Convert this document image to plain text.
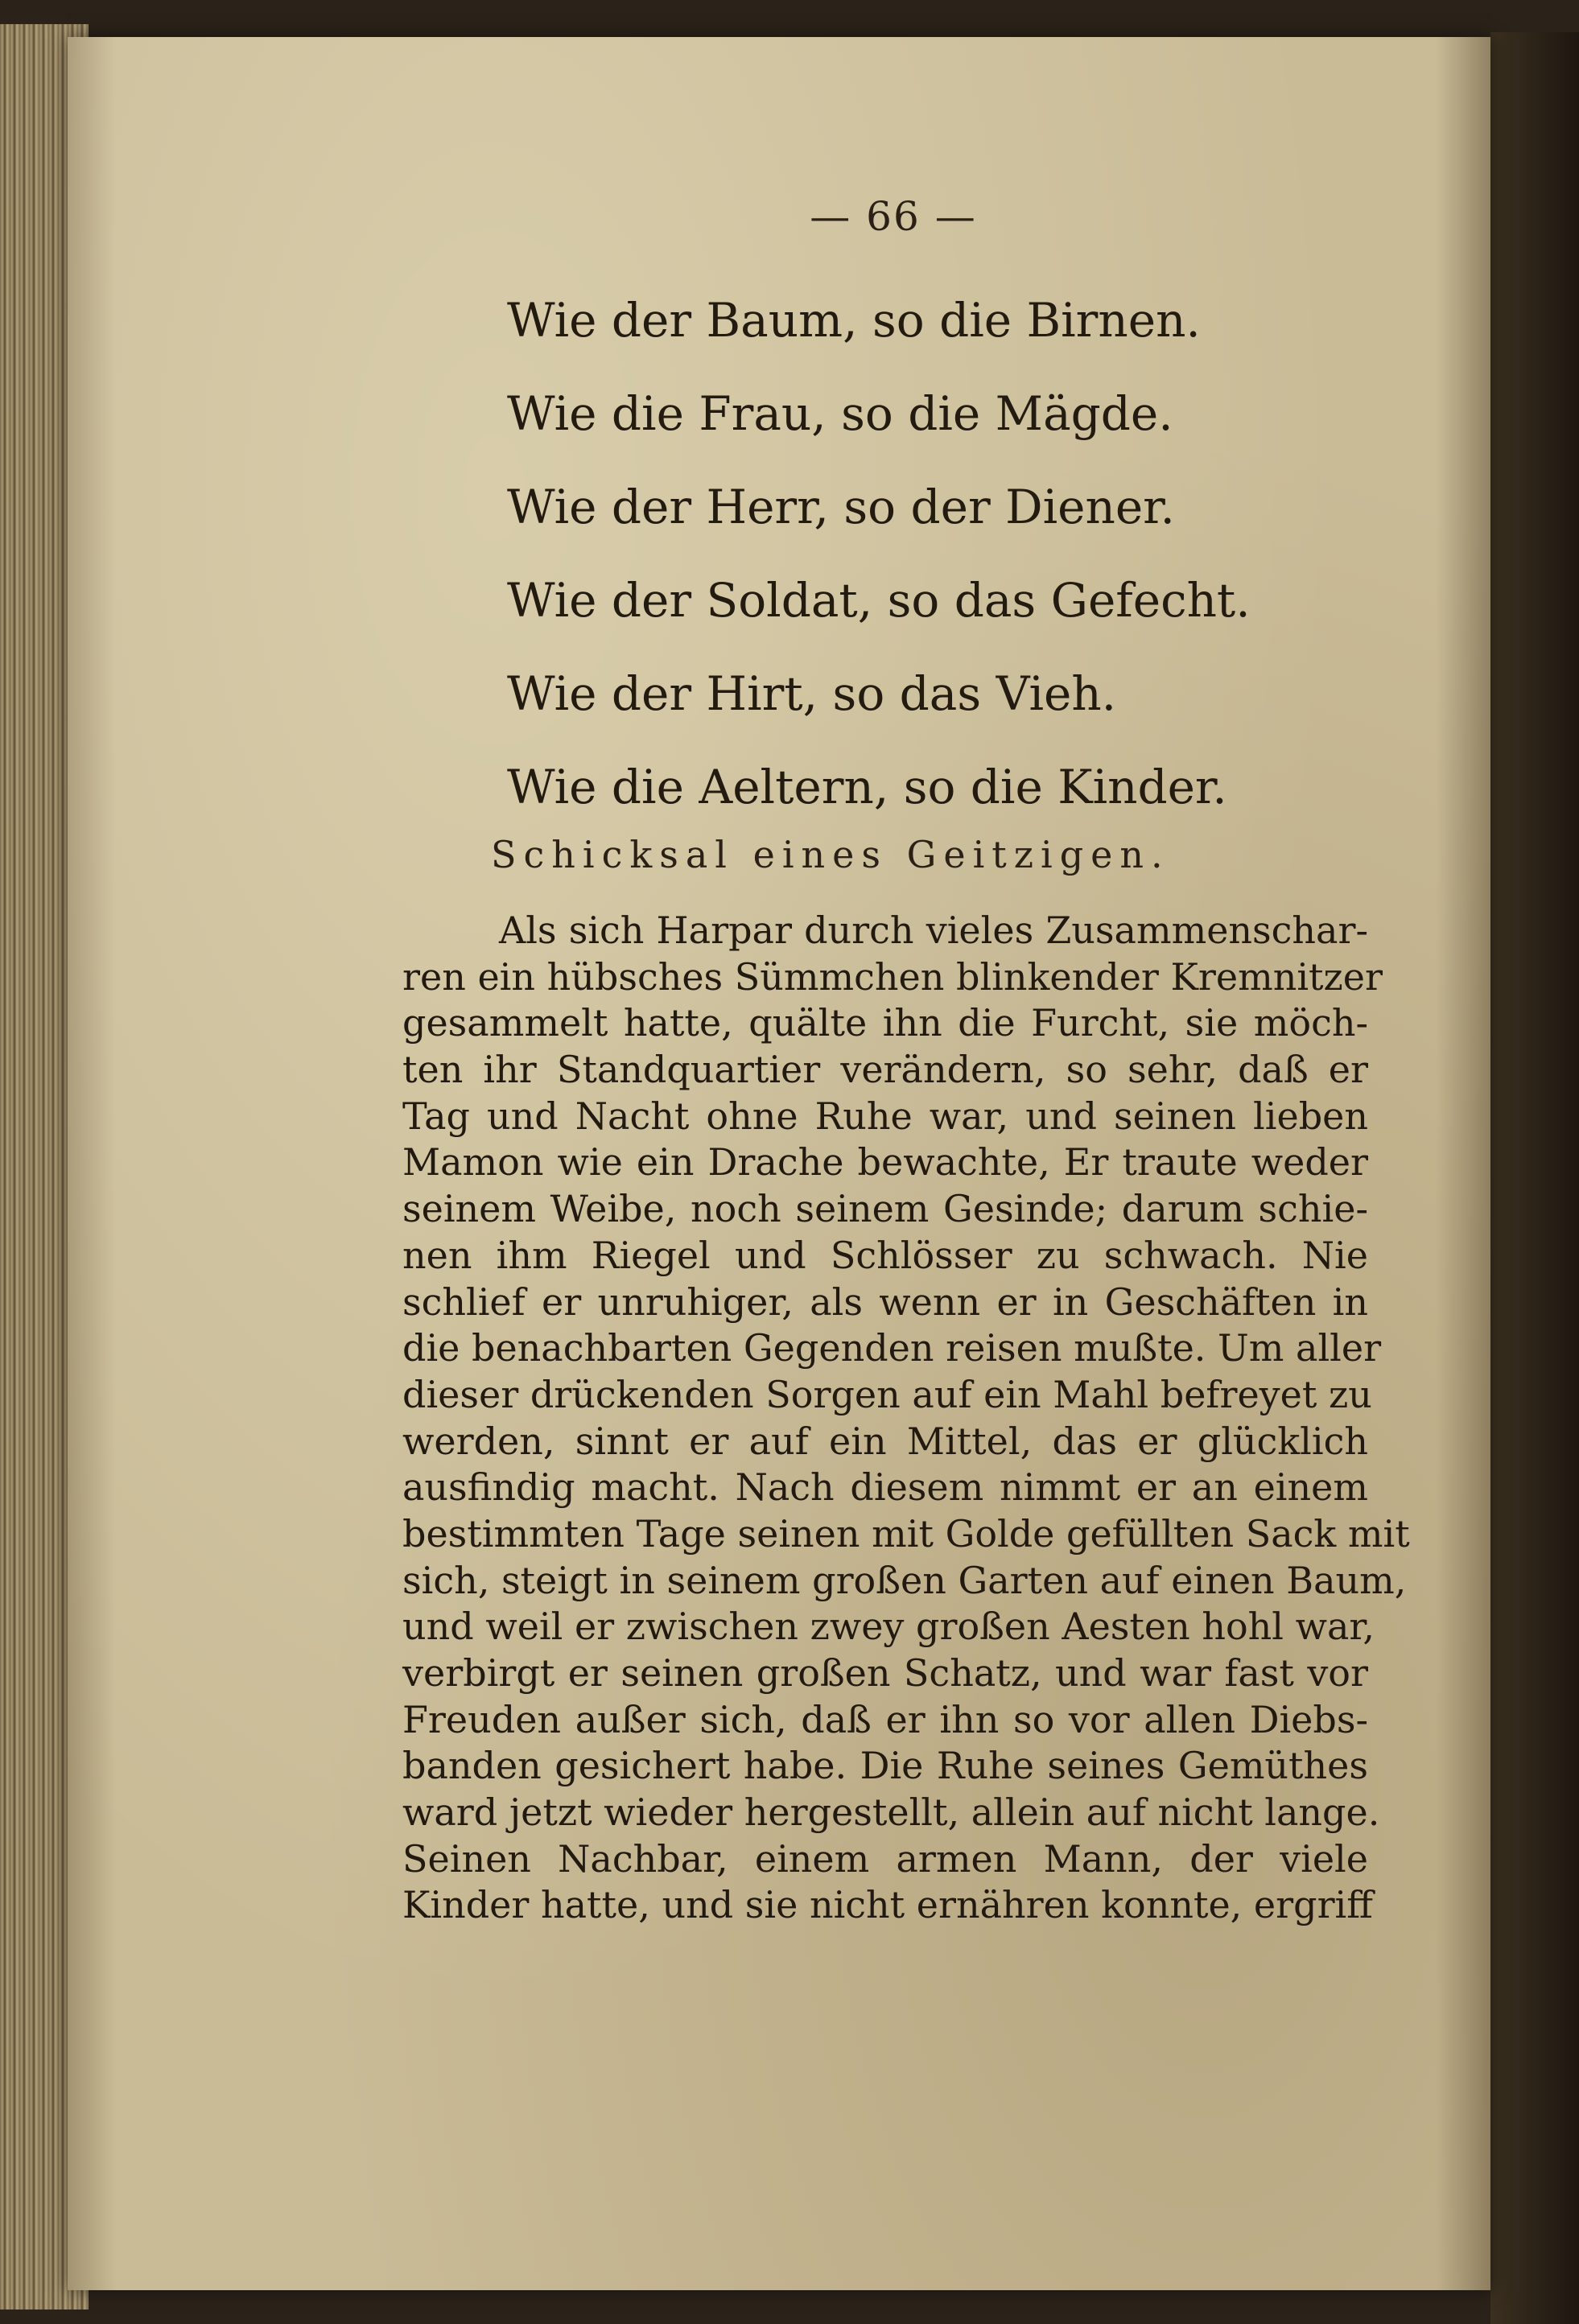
— 66 —
Wie der Baum, so die Birnen.
Wie die Frau, so die Mägde.
Wie der Herr, so der Diener.
Wie der Soldat, so das Gefecht.
Wie der Hirt, so das Vieh.
Wie die Aeltern, so die Kinder.
Schicksal eines Geitzigen.
Als sich Harpar durch vieles Zusammenschar-
ren ein hübsches Sümmchen blinkender Kremnitzer
gesammelt hatte, quälte ihn die Furcht, sie möch-
ten ihr Standquartier verändern, so sehr, daß er
Tag und Nacht ohne Ruhe war, und seinen lieben
Mamon wie ein Drache bewachte, Er traute weder
seinem Weibe, noch seinem Gesinde; darum schie-
nen ihm Riegel und Schlösser zu schwach. Nie
schlief er unruhiger, als wenn er in Geschäften in
die benachbarten Gegenden reisen mußte. Um aller
dieser drückenden Sorgen auf ein Mahl befreyet zu
werden, sinnt er auf ein Mittel, das er glücklich
ausfindig macht. Nach diesem nimmt er an einem
bestimmten Tage seinen mit Golde gefüllten Sack mit
sich, steigt in seinem großen Garten auf einen Baum,
und weil er zwischen zwey großen Aesten hohl war,
verbirgt er seinen großen Schatz, und war fast vor
Freuden außer sich, daß er ihn so vor allen Diebs-
banden gesichert habe. Die Ruhe seines Gemüthes
ward jetzt wieder hergestellt, allein auf nicht lange.
Seinen Nachbar, einem armen Mann, der viele
Kinder hatte, und sie nicht ernähren konnte, ergriff
